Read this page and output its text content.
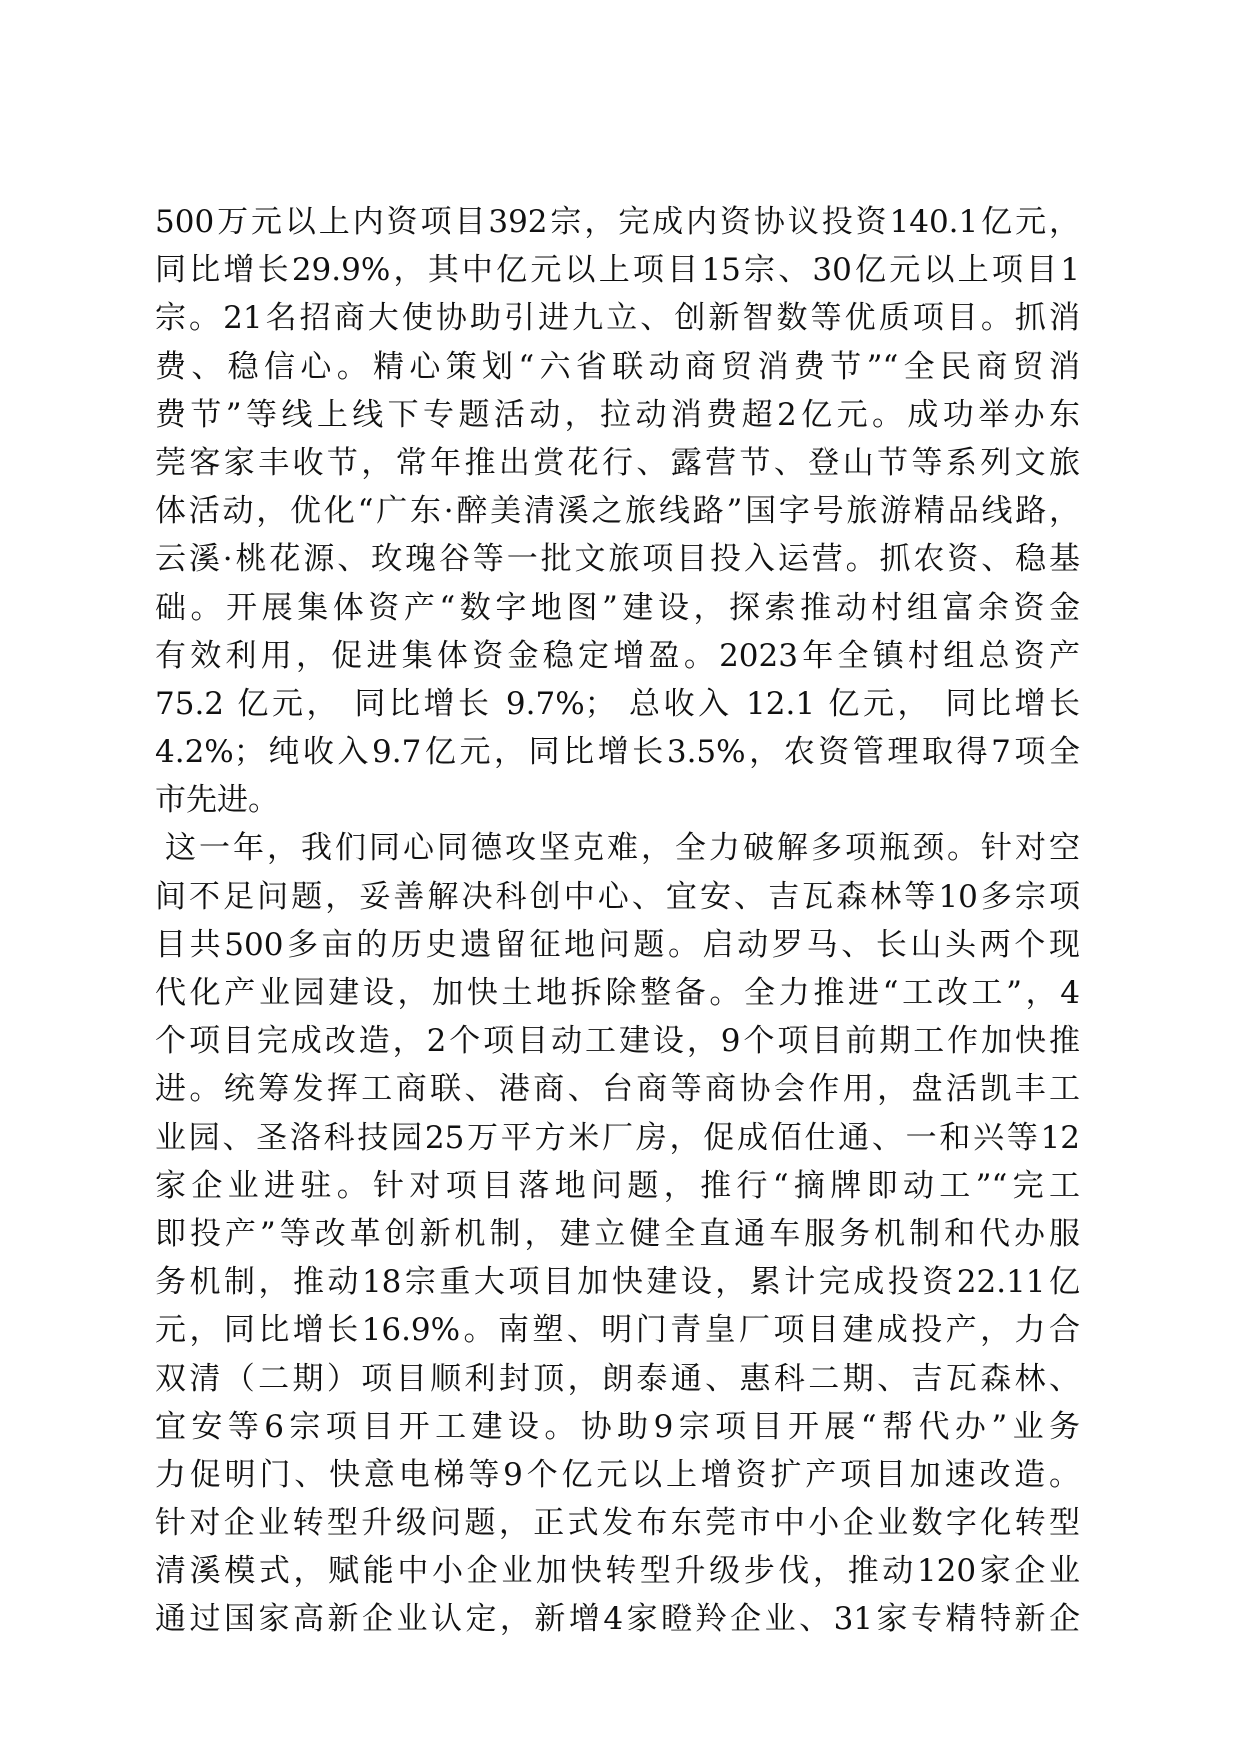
500万元以上内资项目392宗，完成内资协议投资140.1亿元，
同比增长29.9%，其中亿元以上项目15宗、30亿元以上项目1
宗。21名招商大使协助引进九立、创新智数等优质项目。抓消
费、稳信心。精心策划“六省联动商贸消费节”“全民商贸消
费节”等线上线下专题活动，拉动消费超2亿元。成功举办东
莞客家丰收节，常年推出赏花行、露营节、登山节等系列文旅
体活动，优化“广东·醉美清溪之旅线路”国字号旅游精品线路，
云溪·桃花源、玫瑰谷等一批文旅项目投入运营。抓农资、稳基
础。开展集体资产“数字地图”建设，探索推动村组富余资金
有效利用，促进集体资金稳定增盈。2023年全镇村组总资产
75.2 亿元， 同比增长 9.7%； 总收入 12.1 亿元， 同比增长
4.2%；纯收入9.7亿元，同比增长3.5%，农资管理取得7项全
市先进。
这一年，我们同心同德攻坚克难，全力破解多项瓶颈。针对空
间不足问题，妥善解决科创中心、宜安、吉瓦森林等10多宗项
目共500多亩的历史遗留征地问题。启动罗马、长山头两个现
代化产业园建设，加快土地拆除整备。全力推进“工改工”，4
个项目完成改造，2个项目动工建设，9个项目前期工作加快推
进。统筹发挥工商联、港商、台商等商协会作用，盘活凯丰工
业园、圣洛科技园25万平方米厂房，促成佰仕通、一和兴等12
家企业进驻。针对项目落地问题，推行“摘牌即动工”“完工
即投产”等改革创新机制，建立健全直通车服务机制和代办服
务机制，推动18宗重大项目加快建设，累计完成投资22.11亿
元，同比增长16.9%。南塑、明门青皇厂项目建成投产，力合
双清（二期）项目顺利封顶，朗泰通、惠科二期、吉瓦森林、
宜安等6宗项目开工建设。协助9宗项目开展“帮代办”业务
力促明门、快意电梯等9个亿元以上增资扩产项目加速改造。
针对企业转型升级问题，正式发布东莞市中小企业数字化转型
清溪模式，赋能中小企业加快转型升级步伐，推动120家企业
通过国家高新企业认定，新增4家瞪羚企业、31家专精特新企
